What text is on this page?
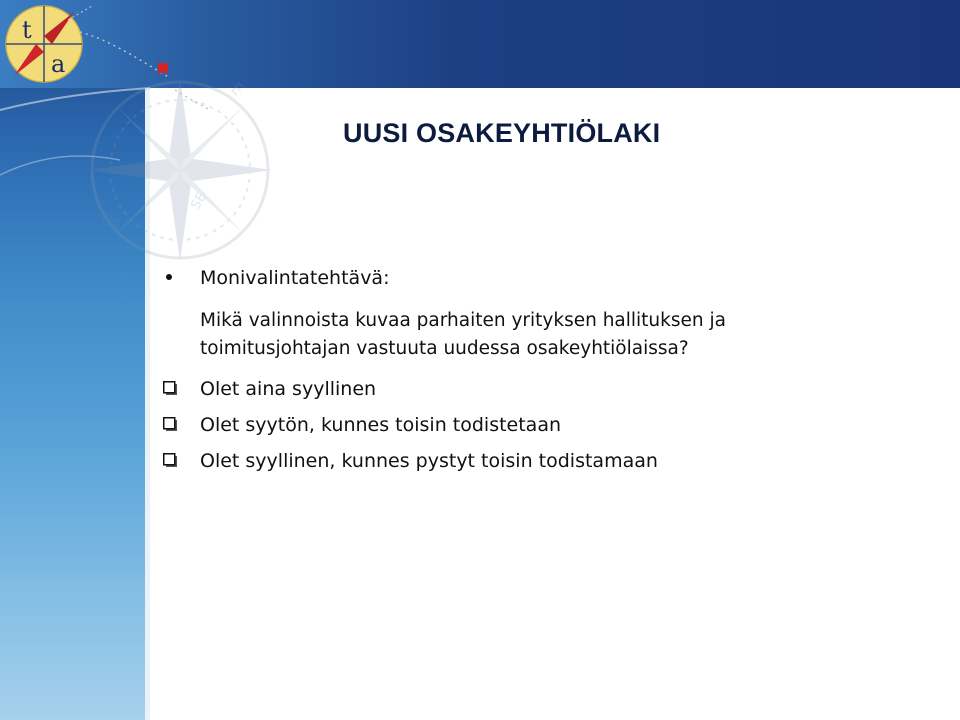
E
SE
MS
t
a
UUSI OSAKEYHTIÖLAKI
Monivalintatehtävä:
Mikä valinnoista kuvaa parhaiten yrityksen hallituksen ja
toimitusjohtajan vastuuta uudessa osakeyhtiölaissa?
Olet aina syyllinen
Olet syytön, kunnes toisin todistetaan
Olet syyllinen, kunnes pystyt toisin todistamaan
